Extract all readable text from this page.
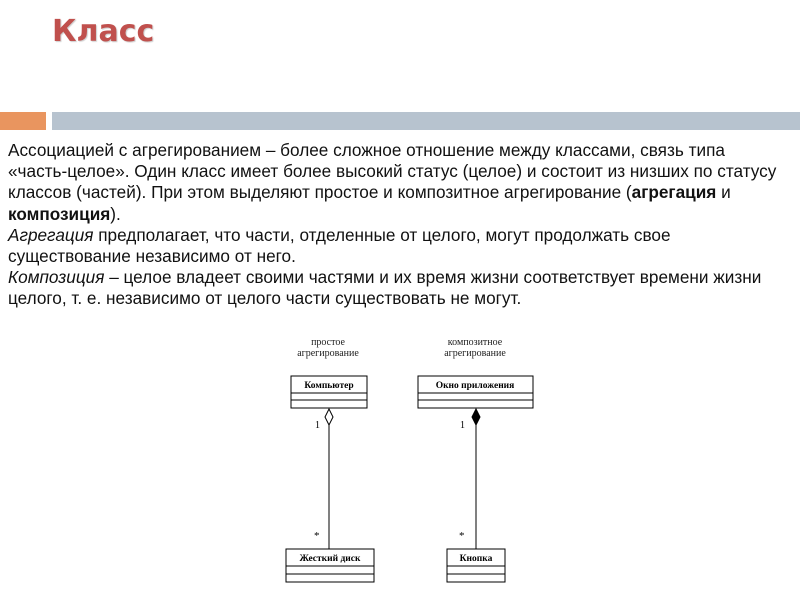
Класс

Ассоциацией с агрегированием – более сложное отношение между классами, связь типа «часть-целое». Один класс имеет более высокий статус (целое) и состоит из низших по статусу классов (частей). При этом выделяют простое и композитное агрегирование (агрегация и композиция).

Агрегация предполагает, что части, отделенные от целого, могут продолжать свое существование независимо от него.

Композиция – целое владеет своими частями и их время жизни соответствует времени жизни целого, т. е. независимо от целого части существовать не могут.

простое
агрегирование
Компьютер
1
*
Жесткий диск
композитное
агрегирование
Окно приложения
1
*
Кнопка
